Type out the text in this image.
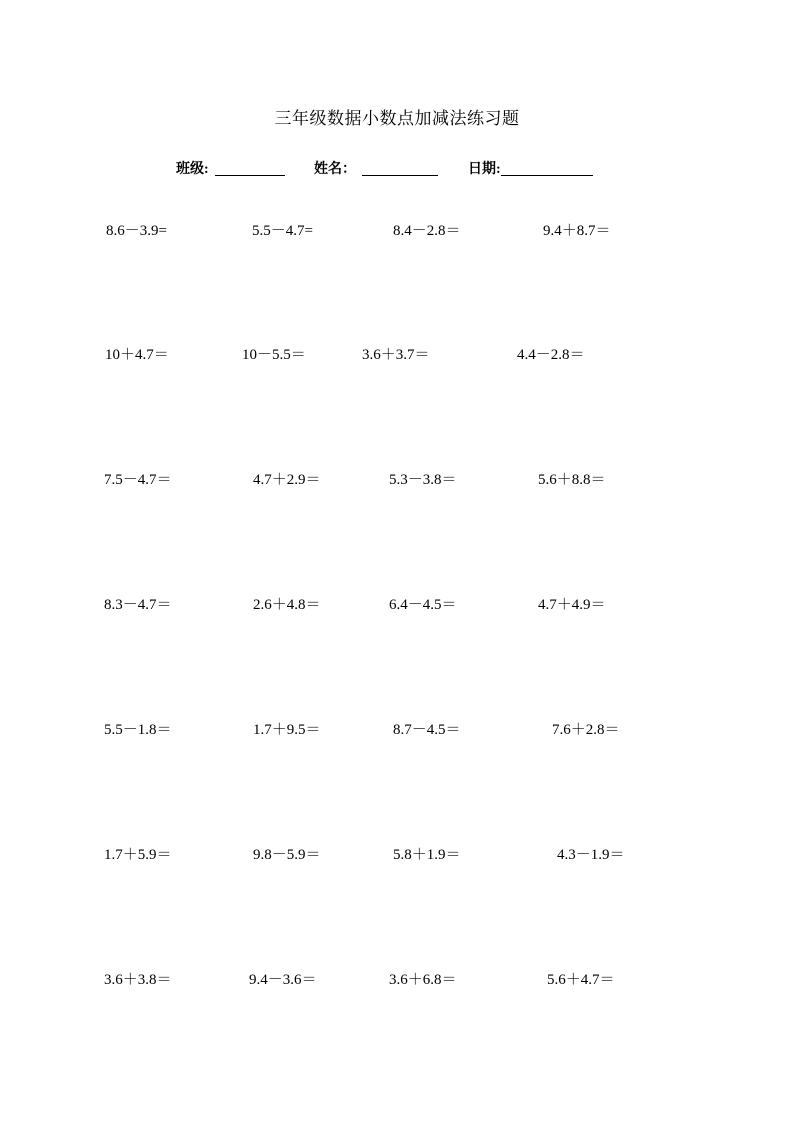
三年级数据小数点加减法练习题
班级:	姓名：	日期:
8.6－3.9=	5.5－4.7=	8.4－2.8＝	9.4＋8.7＝
10＋4.7＝	10－5.5＝	3.6＋3.7＝	4.4－2.8＝
7.5－4.7＝	4.7＋2.9＝	5.3－3.8＝	5.6＋8.8＝
8.3－4.7＝	2.6＋4.8＝	6.4－4.5＝	4.7＋4.9＝
5.5－1.8＝	1.7＋9.5＝	8.7－4.5＝	7.6＋2.8＝
1.7＋5.9＝	9.8－5.9＝	5.8＋1.9＝	4.3－1.9＝
3.6＋3.8＝	9.4－3.6＝	3.6＋6.8＝	5.6＋4.7＝
